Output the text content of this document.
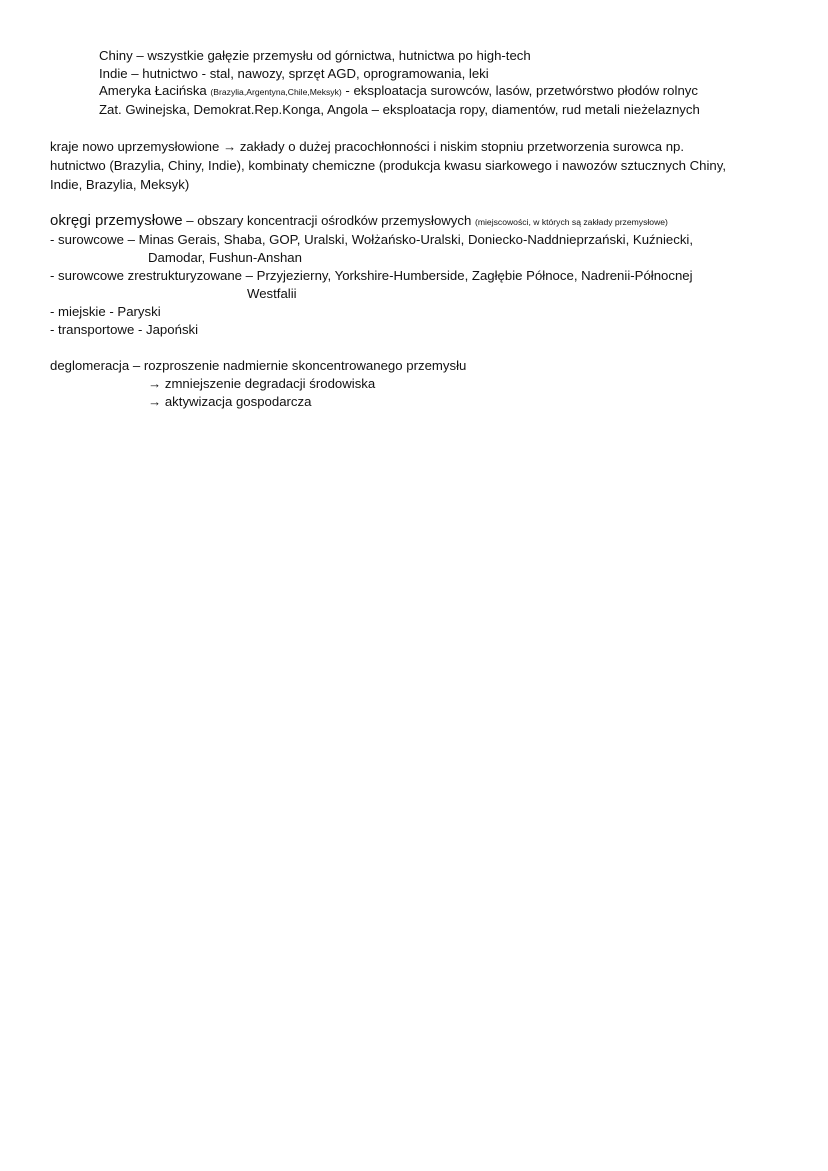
Chiny – wszystkie gałęzie przemysłu od górnictwa, hutnictwa po high-tech
Indie – hutnictwo - stal, nawozy, sprzęt AGD, oprogramowania, leki
Ameryka Łacińska (Brazylia,Argentyna,Chile,Meksyk) - eksploatacja surowców, lasów, przetwórstwo płodów rolnyc
Zat. Gwinejska, Demokrat.Rep.Konga, Angola – eksploatacja ropy, diamentów, rud metali nieżelaznych
kraje nowo uprzemysłowione → zakłady o dużej pracochłonności i niskim stopniu przetworzenia surowca np.
hutnictwo (Brazylia, Chiny, Indie), kombinaty chemiczne (produkcja kwasu siarkowego i nawozów sztucznych Chiny,
Indie, Brazylia, Meksyk)
okręgi przemysłowe – obszary koncentracji ośrodków przemysłowych (miejscowości, w których są zakłady przemysłowe)
- surowcowe – Minas Gerais, Shaba, GOP, Uralski, Wołżańsko-Uralski, Doniecko-Naddnieprzański, Kuźniecki,
Damodar, Fushun-Anshan
- surowcowe zrestrukturyzowane – Przyjezierny, Yorkshire-Humberside, Zagłębie Północe, Nadrenii-Północnej
Westfalii
- miejskie - Paryski
- transportowe - Japoński
deglomeracja – rozproszenie nadmiernie skoncentrowanego przemysłu
→ zmniejszenie degradacji środowiska
→ aktywizacja gospodarcza
